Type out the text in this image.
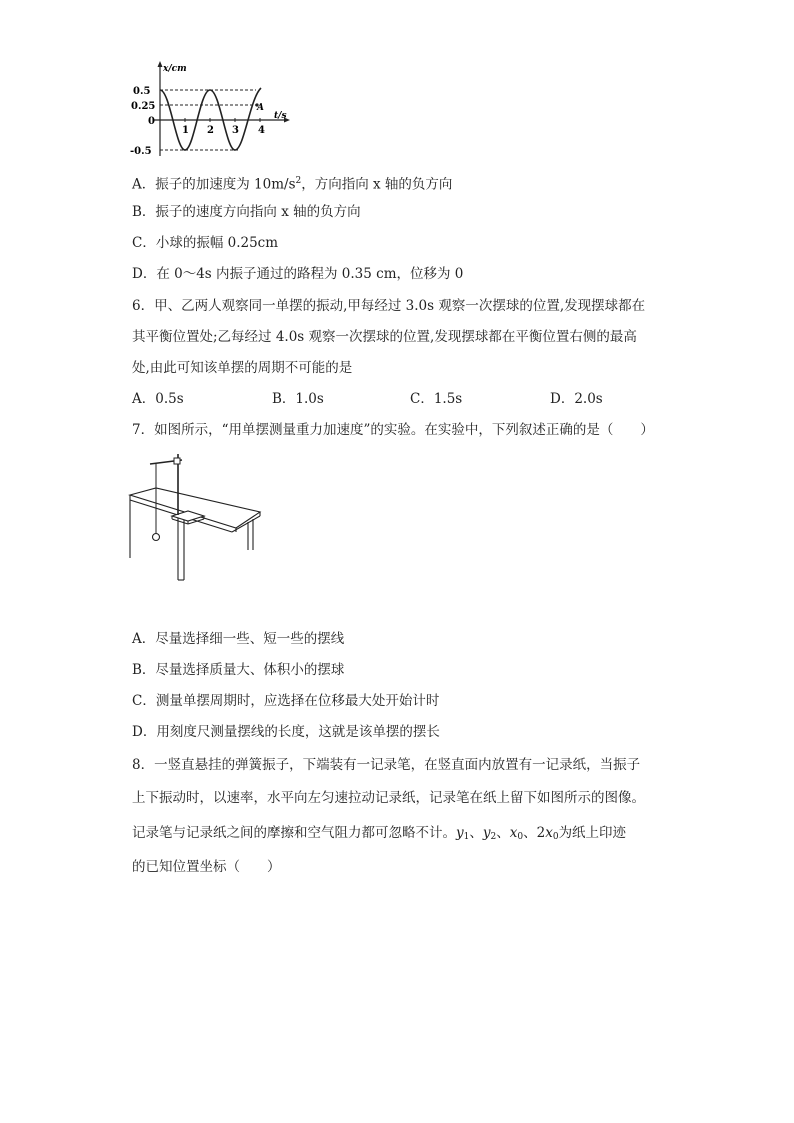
x/cm
t/s
0.5
0.25
0
-0.5
1 2 3 4
A
A．振子的加速度为 $10m/s^2$，方向指向 x 轴的负方向
B．振子的速度方向指向 x 轴的负方向
C．小球的振幅 0.25cm
D．在 0～4s 内振子通过的路程为 0.35 cm，位移为 0
6．甲、乙两人观察同一单摆的振动,甲每经过 3.0s 观察一次摆球的位置,发现摆球都在
其平衡位置处;乙每经过 4.0s 观察一次摆球的位置,发现摆球都在平衡位置右侧的最高
处,由此可知该单摆的周期不可能的是
A．0.5s	B．1.0s	C．1.5s	D．2.0s
7．如图所示，“用单摆测量重力加速度”的实验。在实验中，下列叙述正确的是（　　）
A．尽量选择细一些、短一些的摆线
B．尽量选择质量大、体积小的摆球
C．测量单摆周期时，应选择在位移最大处开始计时
D．用刻度尺测量摆线的长度，这就是该单摆的摆长
8．一竖直悬挂的弹簧振子，下端装有一记录笔，在竖直面内放置有一记录纸，当振子
上下振动时，以速率，水平向左匀速拉动记录纸，记录笔在纸上留下如图所示的图像。
记录笔与记录纸之间的摩擦和空气阻力都可忽略不计。$y_1$、$y_2$、$x_0$、$2x_0$为纸上印迹
的已知位置坐标（　　）
